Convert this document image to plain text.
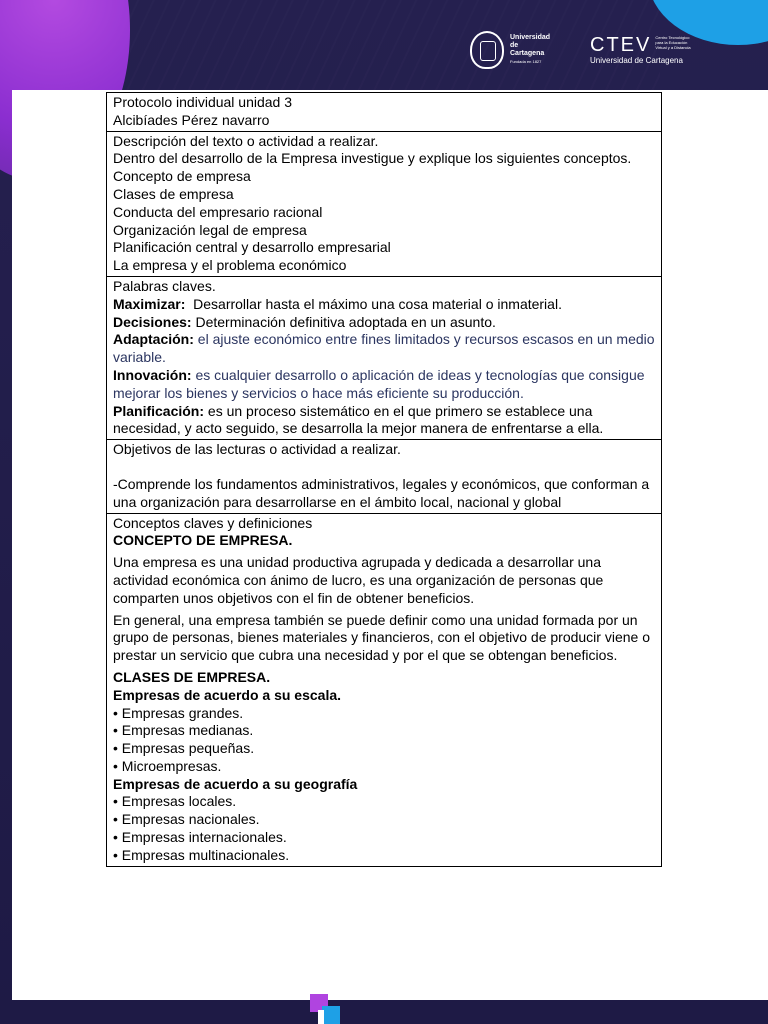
Universidad de Cartagena
Fundada en 1827
CTEV Centro Tecnológico para la Educación Virtual y a Distancia
Universidad de Cartagena
Protocolo individual unidad 3
Alcibíades Pérez navarro

Descripción del texto o actividad a realizar.
Dentro del desarrollo de la Empresa investigue y explique los siguientes conceptos.
Concepto de empresa
Clases de empresa
Conducta del empresario racional
Organización legal de empresa
Planificación central y desarrollo empresarial
La empresa y el problema económico

Palabras claves.
Maximizar:  Desarrollar hasta el máximo una cosa material o inmaterial.
Decisiones: Determinación definitiva adoptada en un asunto.
Adaptación: el ajuste económico entre fines limitados y recursos escasos en un medio variable.
Innovación: es cualquier desarrollo o aplicación de ideas y tecnologías que consigue mejorar los bienes y servicios o hace más eficiente su producción.
Planificación: es un proceso sistemático en el que primero se establece una necesidad, y acto seguido, se desarrolla la mejor manera de enfrentarse a ella.

Objetivos de las lecturas o actividad a realizar.
-Comprende los fundamentos administrativos, legales y económicos, que conforman a una organización para desarrollarse en el ámbito local, nacional y global

Conceptos claves y definiciones
CONCEPTO DE EMPRESA.
Una empresa es una unidad productiva agrupada y dedicada a desarrollar una actividad económica con ánimo de lucro, es una organización de personas que comparten unos objetivos con el fin de obtener beneficios.
En general, una empresa también se puede definir como una unidad formada por un grupo de personas, bienes materiales y financieros, con el objetivo de producir viene o prestar un servicio que cubra una necesidad y por el que se obtengan beneficios.
CLASES DE EMPRESA.
Empresas de acuerdo a su escala.
• Empresas grandes.
• Empresas medianas.
• Empresas pequeñas.
• Microempresas.
Empresas de acuerdo a su geografía
• Empresas locales.
• Empresas nacionales.
• Empresas internacionales.
• Empresas multinacionales.
